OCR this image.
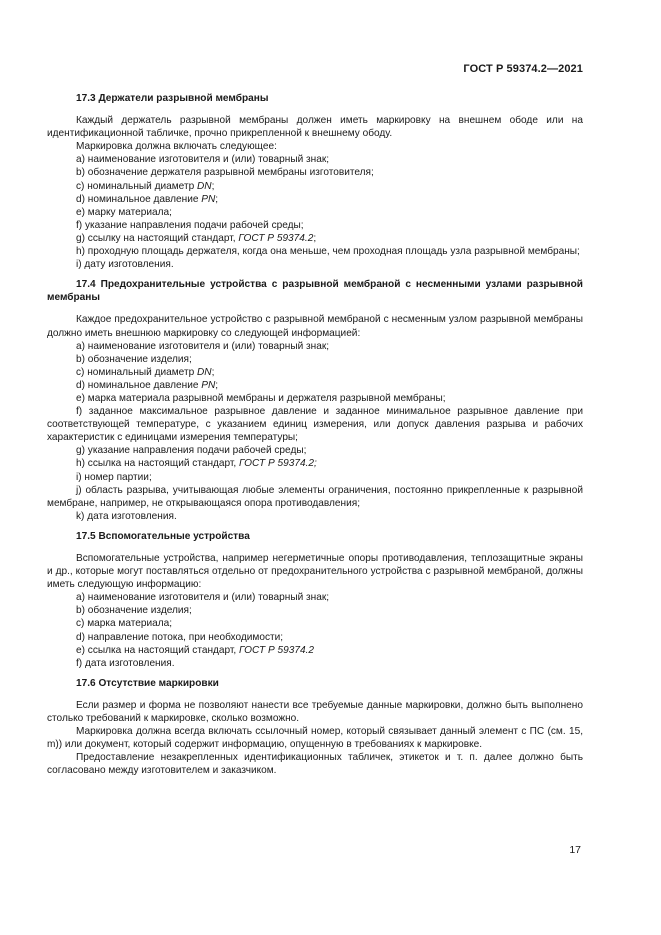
ГОСТ Р 59374.2—2021
17.3 Держатели разрывной мембраны
Каждый держатель разрывной мембраны должен иметь маркировку на внешнем ободе или на идентификационной табличке, прочно прикрепленной к внешнему ободу.
Маркировка должна включать следующее:
a) наименование изготовителя и (или) товарный знак;
b) обозначение держателя разрывной мембраны изготовителя;
c) номинальный диаметр DN;
d) номинальное давление PN;
e) марку материала;
f) указание направления подачи рабочей среды;
g) ссылку на настоящий стандарт, ГОСТ Р 59374.2;
h) проходную площадь держателя, когда она меньше, чем проходная площадь узла разрывной мембраны;
i) дату изготовления.
17.4 Предохранительные устройства с разрывной мембраной с несменными узлами разрывной мембраны
Каждое предохранительное устройство с разрывной мембраной с несменным узлом разрывной мембраны должно иметь внешнюю маркировку со следующей информацией:
a) наименование изготовителя и (или) товарный знак;
b) обозначение изделия;
c) номинальный диаметр DN;
d) номинальное давление PN;
e) марка материала разрывной мембраны и держателя разрывной мембраны;
f) заданное максимальное разрывное давление и заданное минимальное разрывное давление при соответствующей температуре, с указанием единиц измерения, или допуск давления разрыва и рабочих характеристик с единицами измерения температуры;
g) указание направления подачи рабочей среды;
h) ссылка на настоящий стандарт, ГОСТ Р 59374.2;
i) номер партии;
j) область разрыва, учитывающая любые элементы ограничения, постоянно прикрепленные к разрывной мембране, например, не открывающаяся опора противодавления;
k) дата изготовления.
17.5 Вспомогательные устройства
Вспомогательные устройства, например негерметичные опоры противодавления, теплозащитные экраны и др., которые могут поставляться отдельно от предохранительного устройства с разрывной мембраной, должны иметь следующую информацию:
a) наименование изготовителя и (или) товарный знак;
b) обозначение изделия;
c) марка материала;
d) направление потока, при необходимости;
e) ссылка на настоящий стандарт, ГОСТ Р 59374.2
f) дата изготовления.
17.6 Отсутствие маркировки
Если размер и форма не позволяют нанести все требуемые данные маркировки, должно быть выполнено столько требований к маркировке, сколько возможно.
Маркировка должна всегда включать ссылочный номер, который связывает данный элемент с ПС (см. 15, m)) или документ, который содержит информацию, опущенную в требованиях к маркировке.
Предоставление незакрепленных идентификационных табличек, этикеток и т. п. далее должно быть согласовано между изготовителем и заказчиком.
17
